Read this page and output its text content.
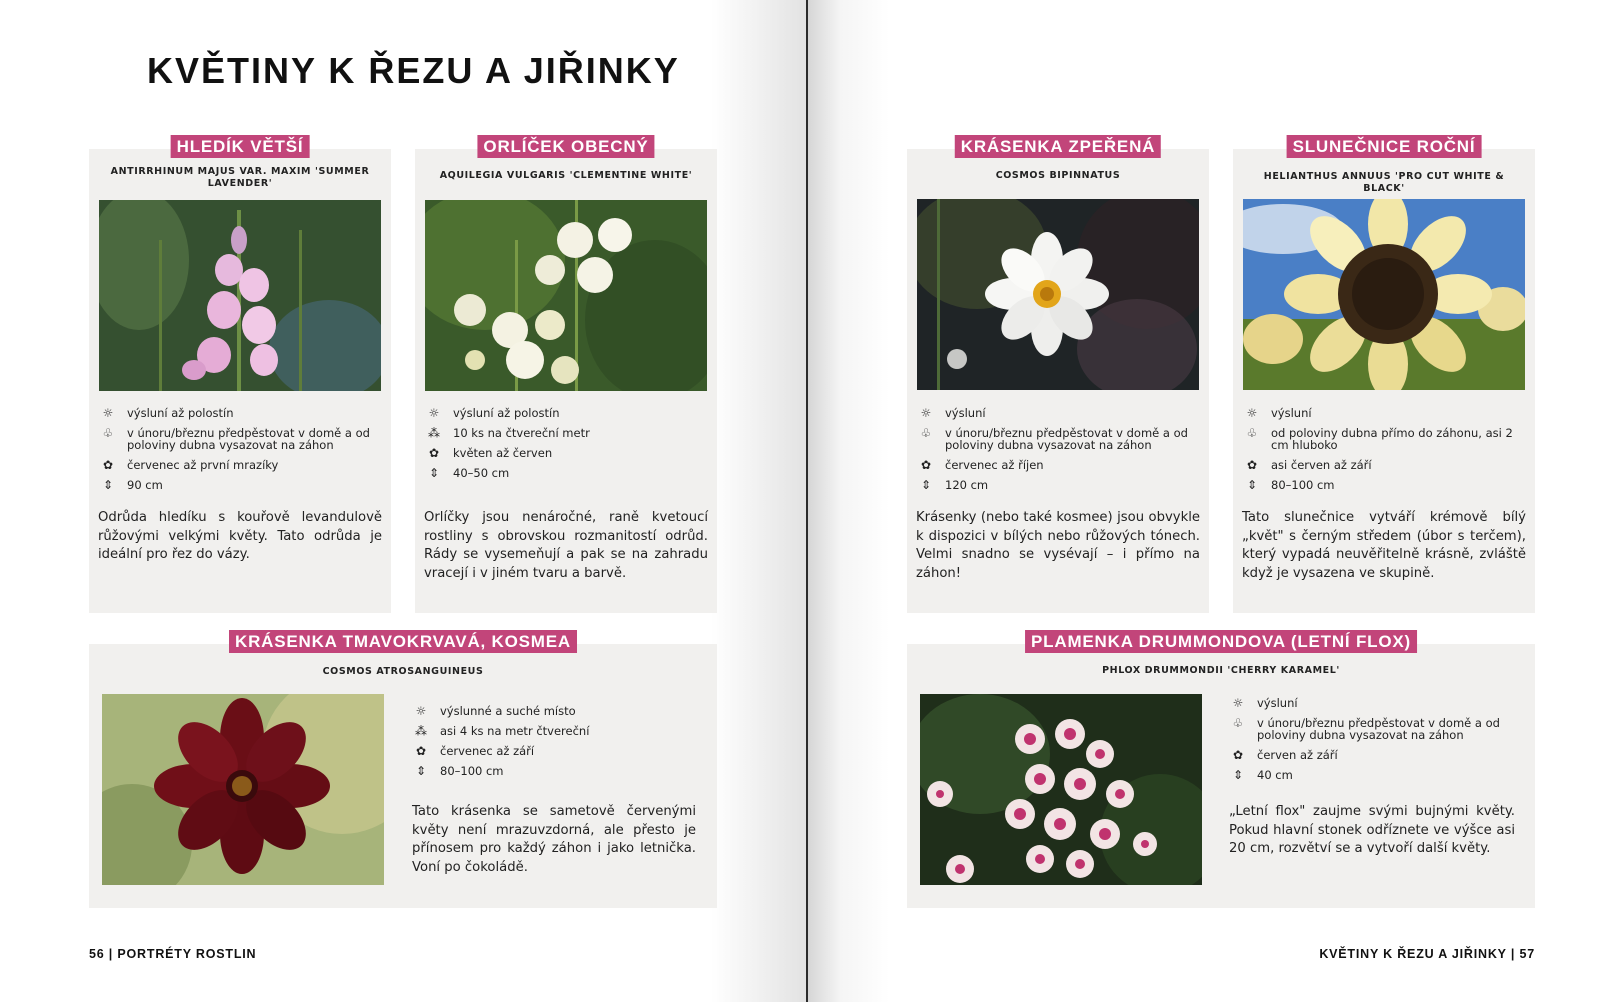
KVĚTINY K ŘEZU A JIŘINKY
HLEDÍK VĚTŠÍ

ANTIRRHINUM MAJUS VAR. MAXIM 'SUMMER LAVENDER'

☼ výsluní až polostín
♧ v únoru/březnu předpěstovat v domě a od poloviny dubna vysazovat na záhon
✿ červenec až první mrazíky
⇕ 90 cm

Odrůda hledíku s kouřově levandulově růžovými velkými květy. Tato odrůda je ideální pro řez do vázy.

ORLÍČEK OBECNÝ

AQUILEGIA VULGARIS 'CLEMENTINE WHITE'

☼ výsluní až polostín
⁂ 10 ks na čtvereční metr
✿ květen až červen
⇕ 40–50 cm

Orlíčky jsou nenáročné, raně kvetoucí rostliny s obrovskou rozmanitostí odrůd. Rády se vysemeňují a pak se na zahradu vracejí i v jiném tvaru a barvě.

KRÁSENKA TMAVOKRVAVÁ, KOSMEA

COSMOS ATROSANGUINEUS

☼ výslunné a suché místo
⁂ asi 4 ks na metr čtvereční
✿ červenec až září
⇕ 80–100 cm

Tato krásenka se sametově červenými květy není mrazuvzdorná, ale přesto je přínosem pro každý záhon i jako letnička. Voní po čokoládě.

56 | PORTRÉTY ROSTLIN
KRÁSENKA ZPEŘENÁ

COSMOS BIPINNATUS

☼ výsluní
♧ v únoru/březnu předpěstovat v domě a od poloviny dubna vysazovat na záhon
✿ červenec až říjen
⇕ 120 cm

Krásenky (nebo také kosmee) jsou obvykle k dispozici v bílých nebo růžových tónech. Velmi snadno se vysévají – i přímo na záhon!

SLUNEČNICE ROČNÍ

HELIANTHUS ANNUUS 'PRO CUT WHITE & BLACK'

☼ výsluní
♧ od poloviny dubna přímo do záhonu, asi 2 cm hluboko
✿ asi červen až září
⇕ 80–100 cm

Tato slunečnice vytváří krémově bílý „květ" s černým středem (úbor s terčem), který vypadá neuvěřitelně krásně, zvláště když je vysazena ve skupině.

PLAMENKA DRUMMONDOVA (LETNÍ FLOX)

PHLOX DRUMMONDII 'CHERRY KARAMEL'

☼ výsluní
♧ v únoru/březnu předpěstovat v domě a od poloviny dubna vysazovat na záhon
✿ červen až září
⇕ 40 cm

„Letní flox" zaujme svými bujnými květy. Pokud hlavní stonek odříznete ve výšce asi 20 cm, rozvětví se a vytvoří další květy.

KVĚTINY K ŘEZU A JIŘINKY | 57
